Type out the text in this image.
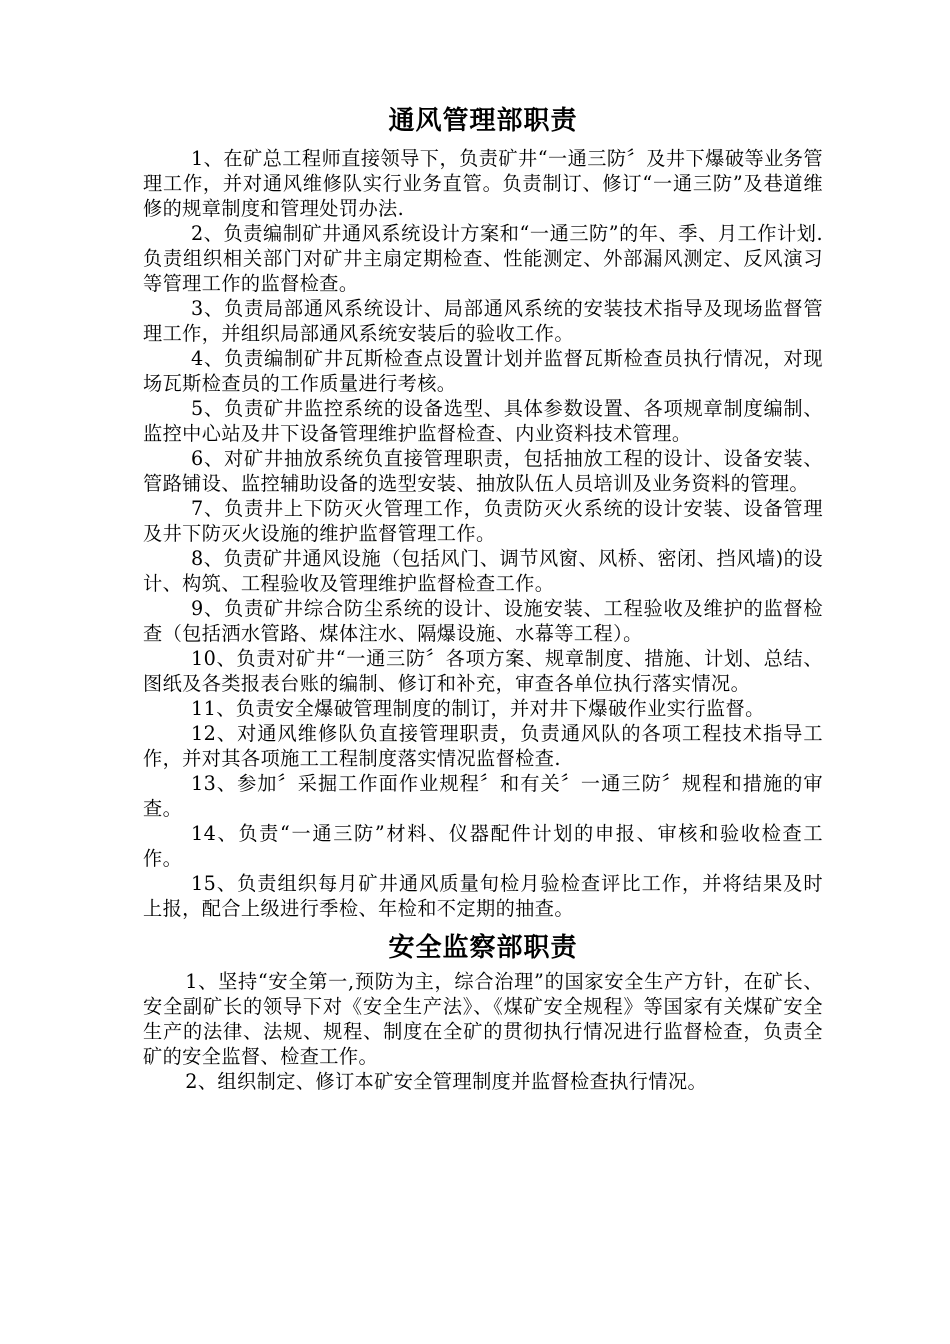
通风管理部职责

1、在矿总工程师直接领导下，负责矿井“一通三防〞及井下爆破等业务管理工作，并对通风维修队实行业务直管。负责制订、修订“一通三防”及巷道维修的规章制度和管理处罚办法.

2、负责编制矿井通风系统设计方案和“一通三防”的年、季、月工作计划.负责组织相关部门对矿井主扇定期检查、性能测定、外部漏风测定、反风演习等管理工作的监督检查。

3、负责局部通风系统设计、局部通风系统的安装技术指导及现场监督管理工作，并组织局部通风系统安装后的验收工作。

4、负责编制矿井瓦斯检查点设置计划并监督瓦斯检查员执行情况，对现场瓦斯检查员的工作质量进行考核。

5、负责矿井监控系统的设备选型、具体参数设置、各项规章制度编制、监控中心站及井下设备管理维护监督检查、内业资料技术管理。

6、对矿井抽放系统负直接管理职责，包括抽放工程的设计、设备安装、管路铺设、监控辅助设备的选型安装、抽放队伍人员培训及业务资料的管理。

7、负责井上下防灭火管理工作，负责防灭火系统的设计安装、设备管理及井下防灭火设施的维护监督管理工作。

8、负责矿井通风设施（包括风门、调节风窗、风桥、密闭、挡风墙)的设计、构筑、工程验收及管理维护监督检查工作。

9、负责矿井综合防尘系统的设计、设施安装、工程验收及维护的监督检查（包括洒水管路、煤体注水、隔爆设施、水幕等工程）。

10、负责对矿井“一通三防〞各项方案、规章制度、措施、计划、总结、图纸及各类报表台账的编制、修订和补充，审查各单位执行落实情况。

11、负责安全爆破管理制度的制订，并对井下爆破作业实行监督。

12、对通风维修队负直接管理职责，负责通风队的各项工程技术指导工作，并对其各项施工工程制度落实情况监督检查.

13、参加〞采掘工作面作业规程〞和有关〞一通三防〞规程和措施的审查。

14、负责“一通三防”材料、仪器配件计划的申报、审核和验收检查工作。

15、负责组织每月矿井通风质量旬检月验检查评比工作，并将结果及时上报，配合上级进行季检、年检和不定期的抽查。

安全监察部职责

1、坚持“安全第一,预防为主，综合治理”的国家安全生产方针，在矿长、安全副矿长的领导下对《安全生产法》、《煤矿安全规程》等国家有关煤矿安全生产的法律、法规、规程、制度在全矿的贯彻执行情况进行监督检查，负责全矿的安全监督、检查工作。

2、组织制定、修订本矿安全管理制度并监督检查执行情况。
